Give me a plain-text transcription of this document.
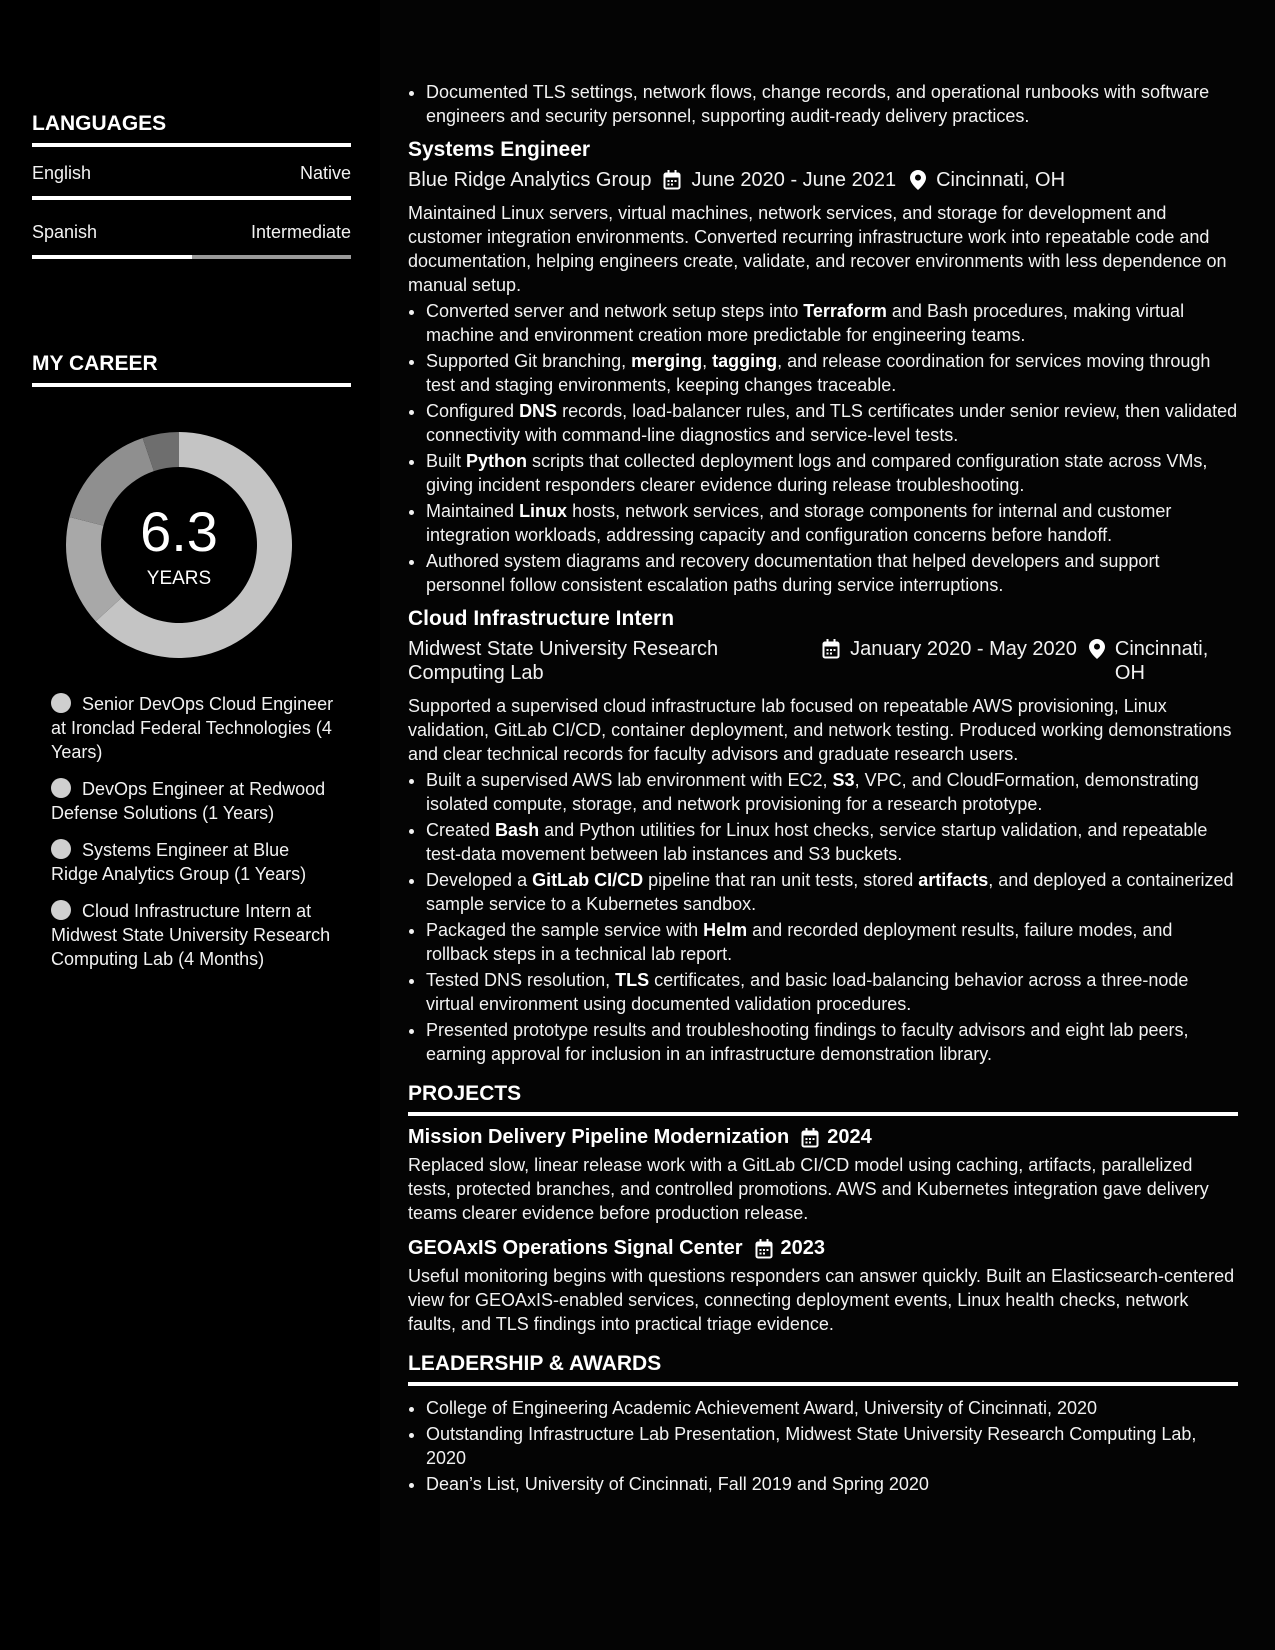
LANGUAGES
English	Native
Spanish	Intermediate
MY CAREER
6.3
YEARS
Senior DevOps Cloud Engineer at Ironclad Federal Technologies (4 Years)
DevOps Engineer at Redwood Defense Solutions (1 Years)
Systems Engineer at Blue Ridge Analytics Group (1 Years)
Cloud Infrastructure Intern at Midwest State University Research Computing Lab (4 Months)
• Documented TLS settings, network flows, change records, and operational runbooks with software engineers and security personnel, supporting audit-ready delivery practices.
Systems Engineer
Blue Ridge Analytics Group June 2020 - June 2021 Cincinnati, OH
Maintained Linux servers, virtual machines, network services, and storage for development and customer integration environments. Converted recurring infrastructure work into repeatable code and documentation, helping engineers create, validate, and recover environments with less dependence on manual setup.
• Converted server and network setup steps into Terraform and Bash procedures, making virtual machine and environment creation more predictable for engineering teams.
• Supported Git branching, merging, tagging, and release coordination for services moving through test and staging environments, keeping changes traceable.
• Configured DNS records, load-balancer rules, and TLS certificates under senior review, then validated connectivity with command-line diagnostics and service-level tests.
• Built Python scripts that collected deployment logs and compared configuration state across VMs, giving incident responders clearer evidence during release troubleshooting.
• Maintained Linux hosts, network services, and storage components for internal and customer integration workloads, addressing capacity and configuration concerns before handoff.
• Authored system diagrams and recovery documentation that helped developers and support personnel follow consistent escalation paths during service interruptions.
Cloud Infrastructure Intern
Midwest State University Research Computing Lab
January 2020 - May 2020 Cincinnati, OH
Supported a supervised cloud infrastructure lab focused on repeatable AWS provisioning, Linux validation, GitLab CI/CD, container deployment, and network testing. Produced working demonstrations and clear technical records for faculty advisors and graduate research users.
• Built a supervised AWS lab environment with EC2, S3, VPC, and CloudFormation, demonstrating isolated compute, storage, and network provisioning for a research prototype.
• Created Bash and Python utilities for Linux host checks, service startup validation, and repeatable test-data movement between lab instances and S3 buckets.
• Developed a GitLab CI/CD pipeline that ran unit tests, stored artifacts, and deployed a containerized sample service to a Kubernetes sandbox.
• Packaged the sample service with Helm and recorded deployment results, failure modes, and rollback steps in a technical lab report.
• Tested DNS resolution, TLS certificates, and basic load-balancing behavior across a three-node virtual environment using documented validation procedures.
• Presented prototype results and troubleshooting findings to faculty advisors and eight lab peers, earning approval for inclusion in an infrastructure demonstration library.
PROJECTS
Mission Delivery Pipeline Modernization 2024
Replaced slow, linear release work with a GitLab CI/CD model using caching, artifacts, parallelized tests, protected branches, and controlled promotions. AWS and Kubernetes integration gave delivery teams clearer evidence before production release.
GEOAxIS Operations Signal Center 2023
Useful monitoring begins with questions responders can answer quickly. Built an Elasticsearch-centered view for GEOAxIS-enabled services, connecting deployment events, Linux health checks, network faults, and TLS findings into practical triage evidence.
LEADERSHIP & AWARDS
• College of Engineering Academic Achievement Award, University of Cincinnati, 2020
• Outstanding Infrastructure Lab Presentation, Midwest State University Research Computing Lab, 2020
• Dean’s List, University of Cincinnati, Fall 2019 and Spring 2020
